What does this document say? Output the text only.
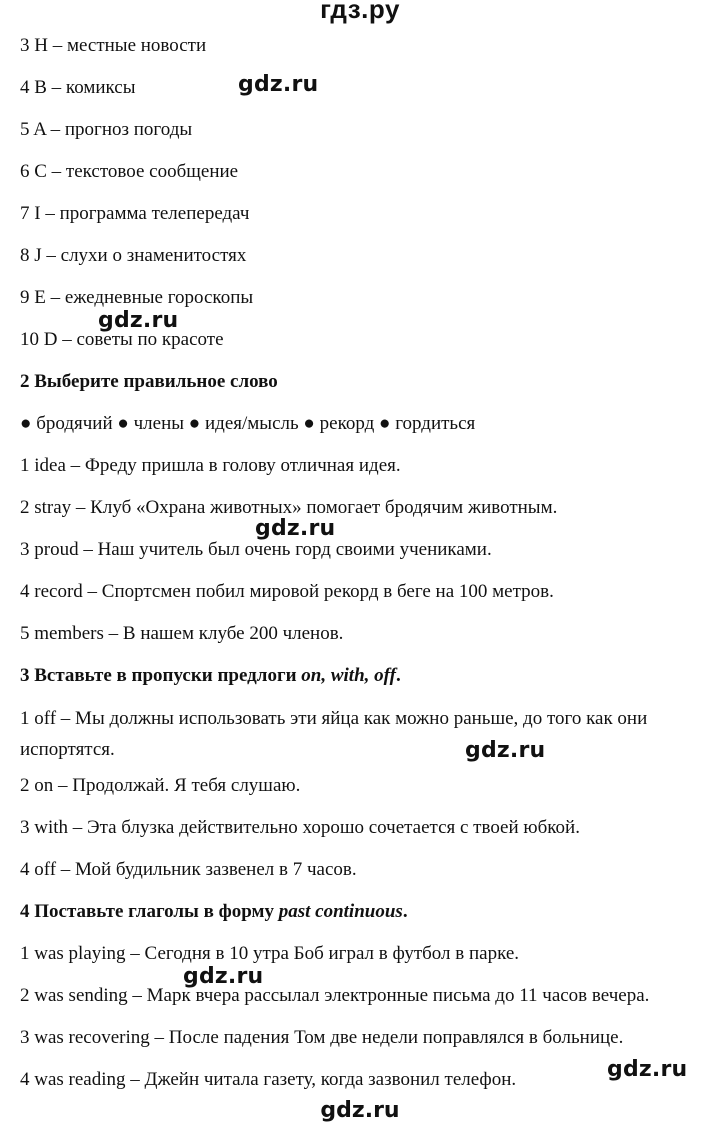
гдз.ру
3 H – местные новости
4 B – комиксы
5 A – прогноз погоды
6 C – текстовое сообщение
7 I – программа телепередач
8 J – слухи о знаменитостях
9 E – ежедневные гороскопы
10 D – советы по красоте
2 Выберите правильное слово
● бродячий ● члены ● идея/мысль ● рекорд ● гордиться
1 idea – Фреду пришла в голову отличная идея.
2 stray – Клуб «Охрана животных» помогает бродячим животным.
3 proud – Наш учитель был очень горд своими учениками.
4 record – Спортсмен побил мировой рекорд в беге на 100 метров.
5 members – В нашем клубе 200 членов.
3 Вставьте в пропуски предлоги on, with, off.
1 off – Мы должны использовать эти яйца как можно раньше, до того как они испортятся.
2 on – Продолжай. Я тебя слушаю.
3 with – Эта блузка действительно хорошо сочетается с твоей юбкой.
4 off – Мой будильник зазвенел в 7 часов.
4 Поставьте глаголы в форму past continuous.
1 was playing – Сегодня в 10 утра Боб играл в футбол в парке.
2 was sending – Марк вчера рассылал электронные письма до 11 часов вечера.
3 was recovering – После падения Том две недели поправлялся в больнице.
4 was reading – Джейн читала газету, когда зазвонил телефон.
gdz.ru
gdz.ru
gdz.ru
gdz.ru
gdz.ru
gdz.ru
gdz.ru
